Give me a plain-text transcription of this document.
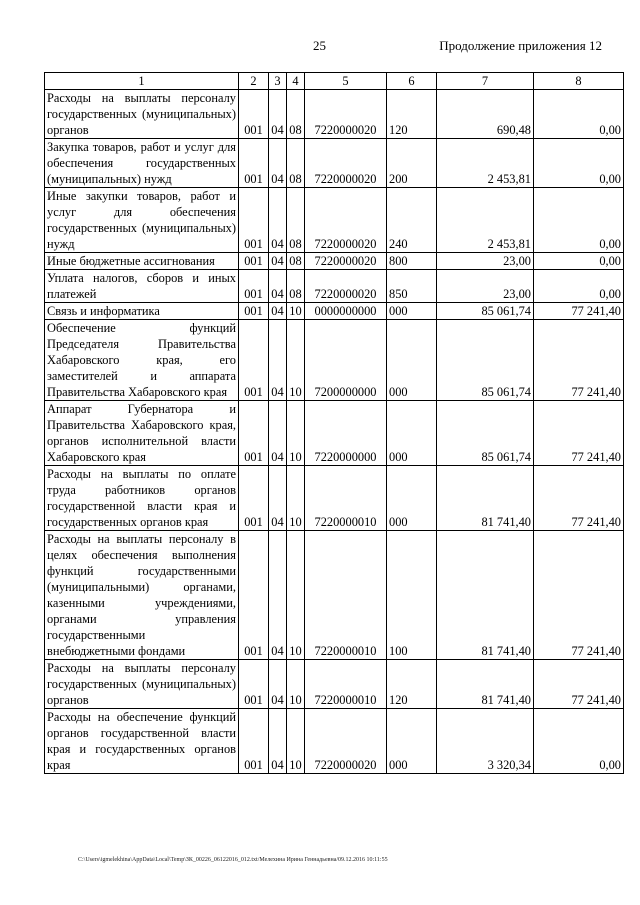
25	Продолжение приложения 12
1	2	3	4	5	6	7	8
Расходы на выплаты персоналу государственных (муниципальных) органов	001	04	08	7220000020	120	690,48	0,00
Закупка товаров, работ и услуг для обеспечения государственных (муниципальных) нужд	001	04	08	7220000020	200	2 453,81	0,00
Иные закупки товаров, работ и услуг для обеспечения государственных (муниципальных) нужд	001	04	08	7220000020	240	2 453,81	0,00
Иные бюджетные ассигнования	001	04	08	7220000020	800	23,00	0,00
Уплата налогов, сборов и иных платежей	001	04	08	7220000020	850	23,00	0,00
Связь и информатика	001	04	10	0000000000	000	85 061,74	77 241,40
Обеспечение функций Председателя Правительства Хабаровского края, его заместителей и аппарата Правительства Хабаровского края	001	04	10	7200000000	000	85 061,74	77 241,40
Аппарат Губернатора и Правительства Хабаровского края, органов исполнительной власти Хабаровского края	001	04	10	7220000000	000	85 061,74	77 241,40
Расходы на выплаты по оплате труда работников органов государственной власти края и государственных органов края	001	04	10	7220000010	000	81 741,40	77 241,40
Расходы на выплаты персоналу в целях обеспечения выполнения функций государственными (муниципальными) органами, казенными учреждениями, органами управления государственными внебюджетными фондами	001	04	10	7220000010	100	81 741,40	77 241,40
Расходы на выплаты персоналу государственных (муниципальных) органов	001	04	10	7220000010	120	81 741,40	77 241,40
Расходы на обеспечение функций органов государственной власти края и государственных органов края	001	04	10	7220000020	000	3 320,34	0,00
C:\Users\igmelekhina\AppData\Local\Temp\ЗК_00226_06122016_012.txt/Мелехина Ирина Геннадьевна/09.12.2016 10:11:55
